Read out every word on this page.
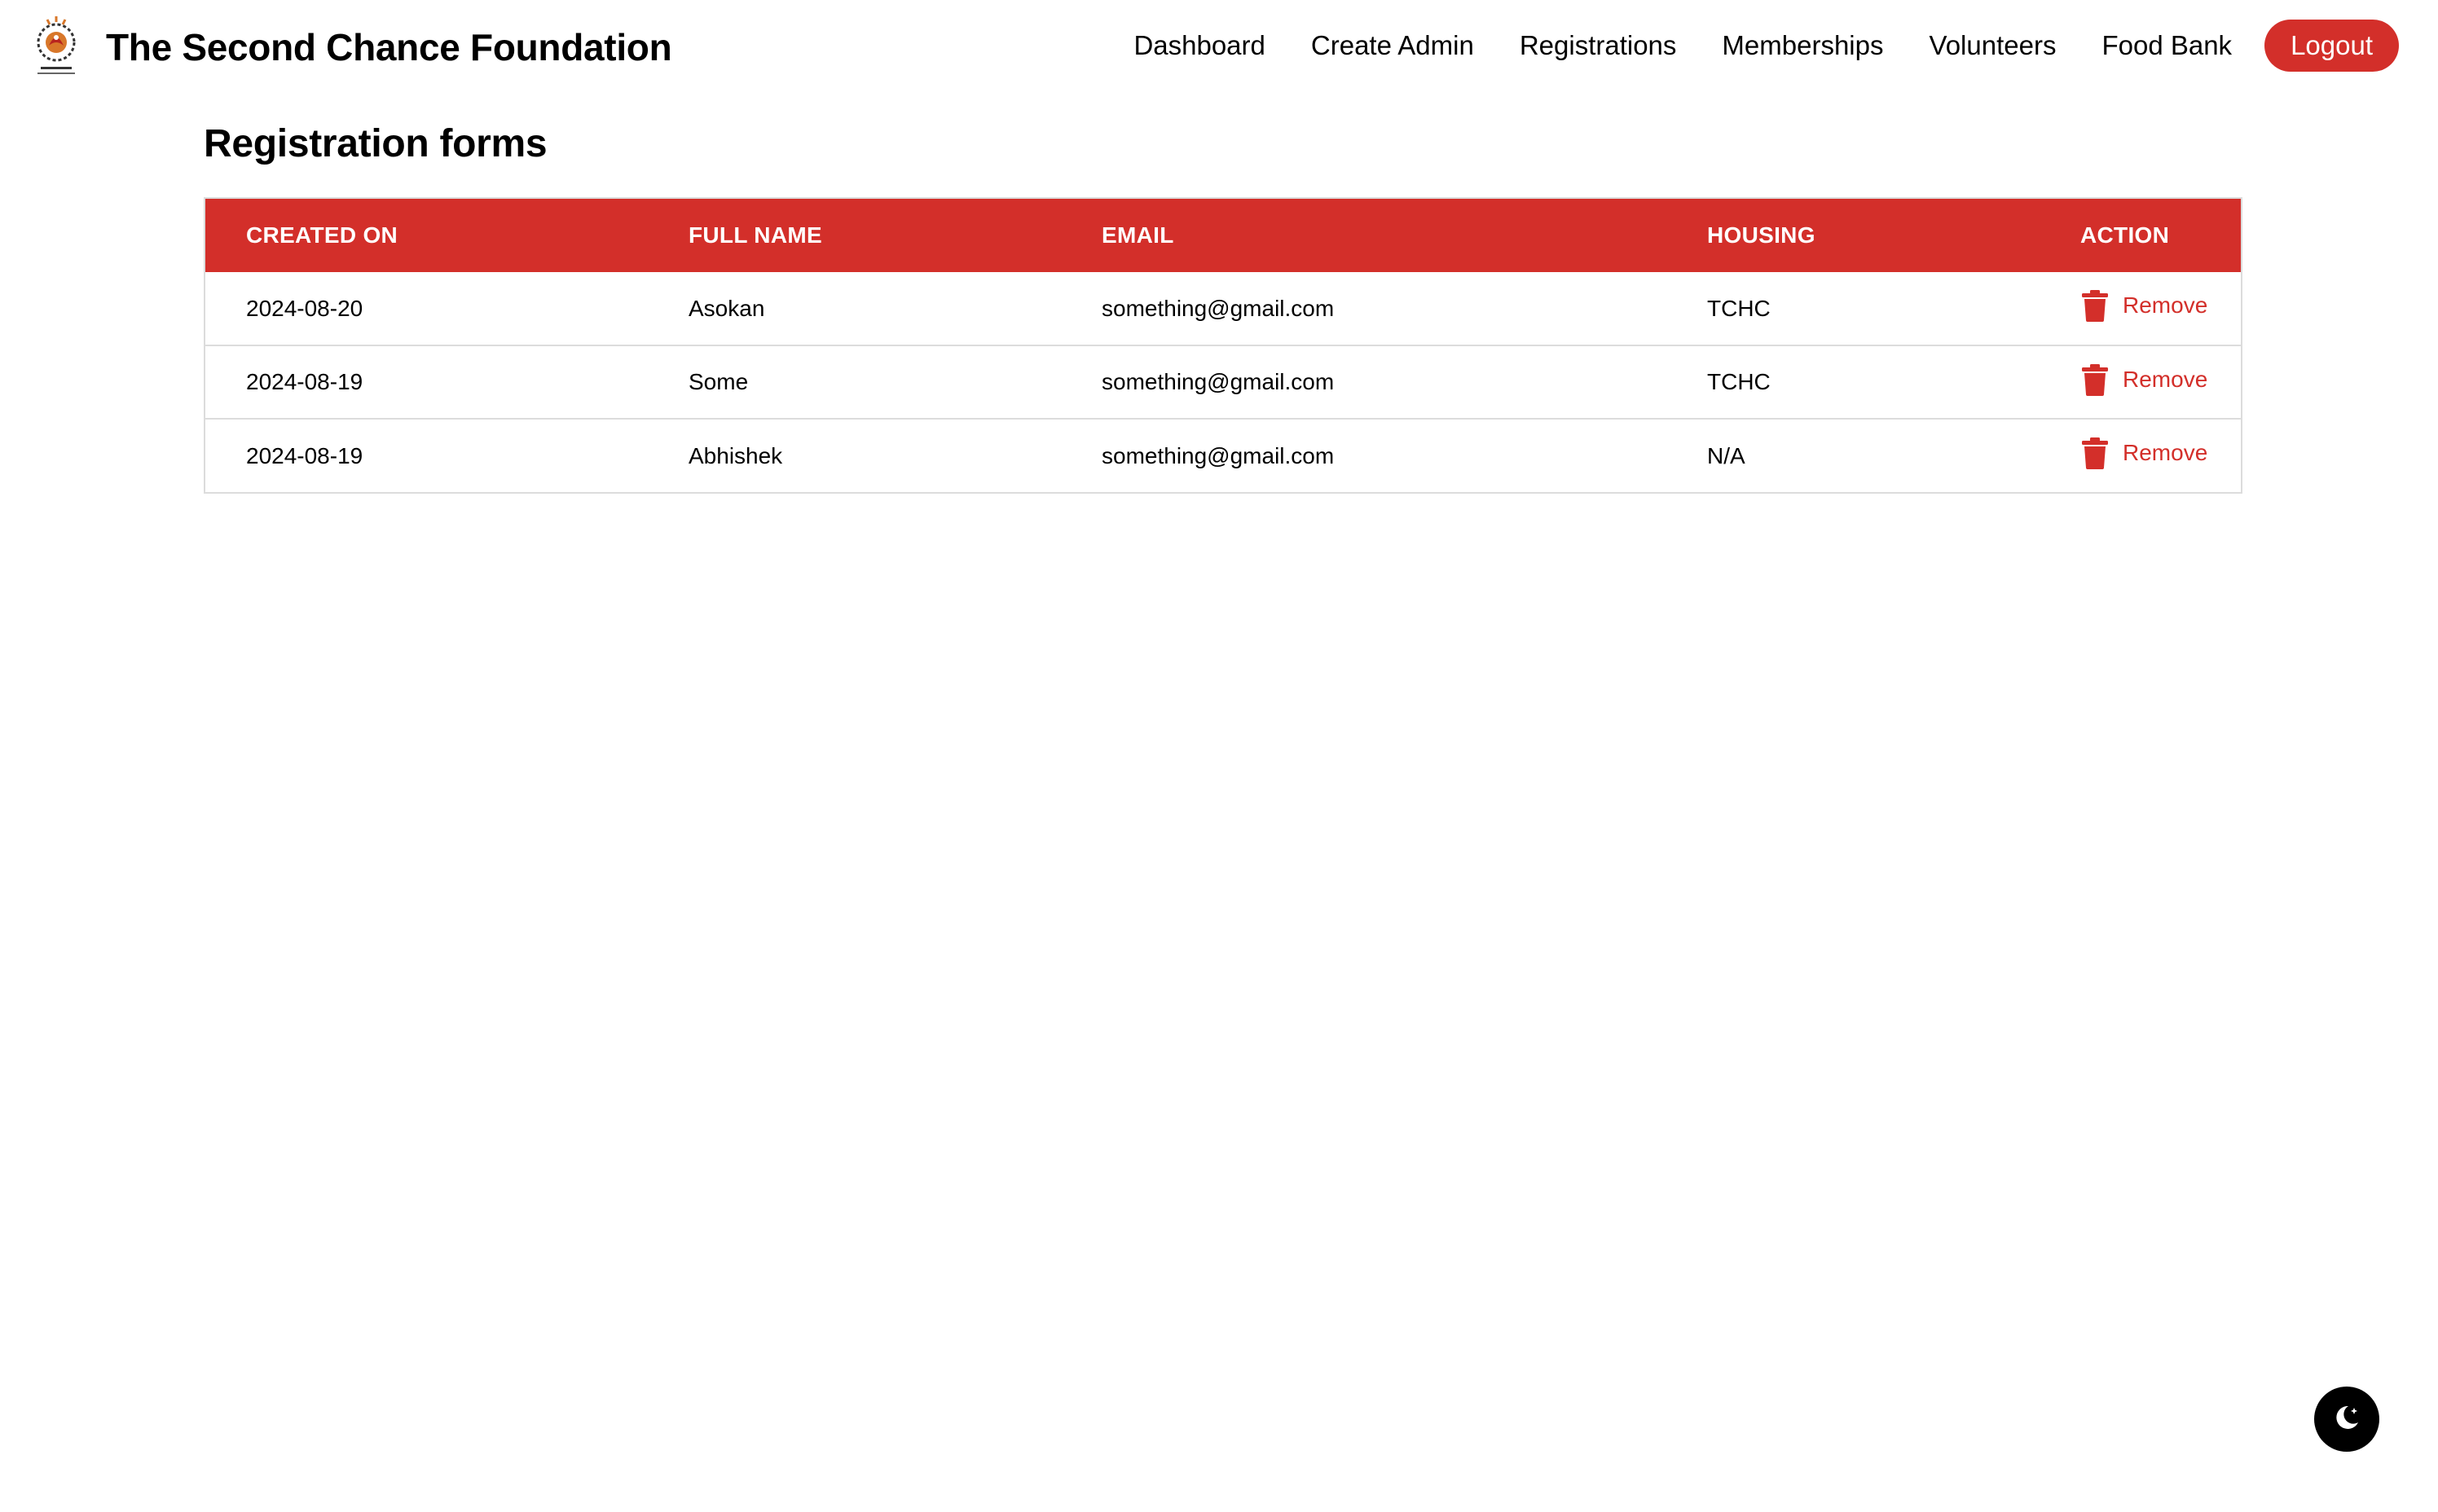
The Second Chance Foundation	Dashboard Create Admin Registrations Memberships Volunteers Food Bank	Logout
Registration forms
CREATED ON	FULL NAME	EMAIL	HOUSING	ACTION
2024-08-20	Asokan	something@gmail.com	TCHC	Remove

2024-08-19	Some	something@gmail.com	TCHC	Remove

2024-08-19	Abhishek	something@gmail.com	N/A	Remove
